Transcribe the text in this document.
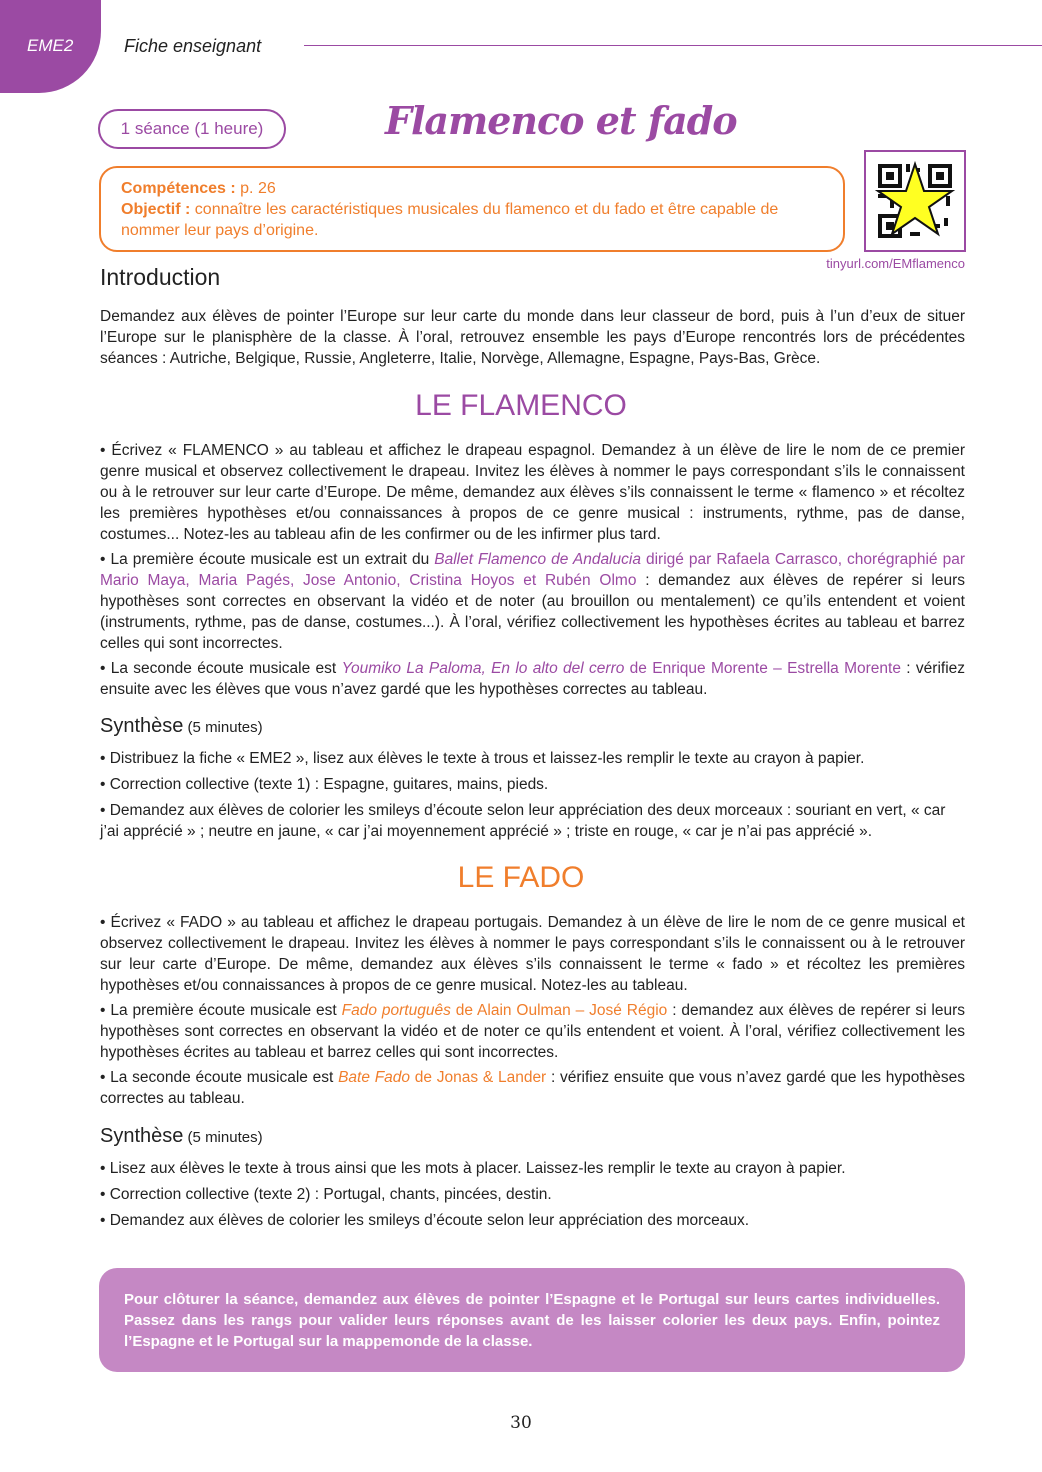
EME2	Fiche enseignant
1 séance (1 heure)	Flamenco et fado
Compétences : p. 26
Objectif : connaître les caractéristiques musicales du flamenco et du fado et être capable de nommer leur pays d’origine.
tinyurl.com/EMflamenco
Introduction

Demandez aux élèves de pointer l’Europe sur leur carte du monde dans leur classeur de bord, puis à l’un d’eux de situer l’Europe sur le planisphère de la classe. À l’oral, retrouvez ensemble les pays d’Europe rencontrés lors de précédentes séances : Autriche, Belgique, Russie, Angleterre, Italie, Norvège, Allemagne, Espagne, Pays-Bas, Grèce.

LE FLAMENCO

• Écrivez « FLAMENCO » au tableau et affichez le drapeau espagnol. Demandez à un élève de lire le nom de ce premier genre musical et observez collectivement le drapeau. Invitez les élèves à nommer le pays correspondant s’ils le connaissent ou à le retrouver sur leur carte d’Europe. De même, demandez aux élèves s’ils connaissent le terme « flamenco » et récoltez les premières hypothèses et/ou connaissances à propos de ce genre musical : instruments, rythme, pas de danse, costumes... Notez-les au tableau afin de les confirmer ou de les infirmer plus tard.

• La première écoute musicale est un extrait du Ballet Flamenco de Andalucia dirigé par Rafaela Carrasco, chorégraphié par Mario Maya, Maria Pagés, Jose Antonio, Cristina Hoyos et Rubén Olmo : demandez aux élèves de repérer si leurs hypothèses sont correctes en observant la vidéo et de noter (au brouillon ou mentalement) ce qu’ils entendent et voient (instruments, rythme, pas de danse, costumes...). À l’oral, vérifiez collectivement les hypothèses écrites au tableau et barrez celles qui sont incorrectes.

• La seconde écoute musicale est Youmiko La Paloma, En lo alto del cerro de Enrique Morente – Estrella Morente : vérifiez ensuite avec les élèves que vous n’avez gardé que les hypothèses correctes au tableau.

Synthèse (5 minutes)
• Distribuez la fiche « EME2 », lisez aux élèves le texte à trous et laissez-les remplir le texte au crayon à papier.
• Correction collective (texte 1) : Espagne, guitares, mains, pieds.
• Demandez aux élèves de colorier les smileys d’écoute selon leur appréciation des deux morceaux : souriant en vert, « car j’ai apprécié » ; neutre en jaune, « car j’ai moyennement apprécié » ; triste en rouge, « car je n’ai pas apprécié ».
LE FADO

• Écrivez « FADO » au tableau et affichez le drapeau portugais. Demandez à un élève de lire le nom de ce genre musical et observez collectivement le drapeau. Invitez les élèves à nommer le pays correspondant s’ils le connaissent ou à le retrouver sur leur carte d’Europe. De même, demandez aux élèves s’ils connaissent le terme « fado » et récoltez les premières hypothèses et/ou connaissances à propos de ce genre musical. Notez-les au tableau.

• La première écoute musicale est Fado português de Alain Oulman – José Régio : demandez aux élèves de repérer si leurs hypothèses sont correctes en observant la vidéo et de noter ce qu’ils entendent et voient. À l’oral, vérifiez collectivement les hypothèses écrites au tableau et barrez celles qui sont incorrectes.

• La seconde écoute musicale est Bate Fado de Jonas & Lander : vérifiez ensuite que vous n’avez gardé que les hypothèses correctes au tableau.

Synthèse (5 minutes)
• Lisez aux élèves le texte à trous ainsi que les mots à placer. Laissez-les remplir le texte au crayon à papier.
• Correction collective (texte 2) : Portugal, chants, pincées, destin.
• Demandez aux élèves de colorier les smileys d’écoute selon leur appréciation des morceaux.
Pour clôturer la séance, demandez aux élèves de pointer l’Espagne et le Portugal sur leurs cartes individuelles. Passez dans les rangs pour valider leurs réponses avant de les laisser colorier les deux pays. Enfin, pointez l’Espagne et le Portugal sur la mappemonde de la classe.
30
